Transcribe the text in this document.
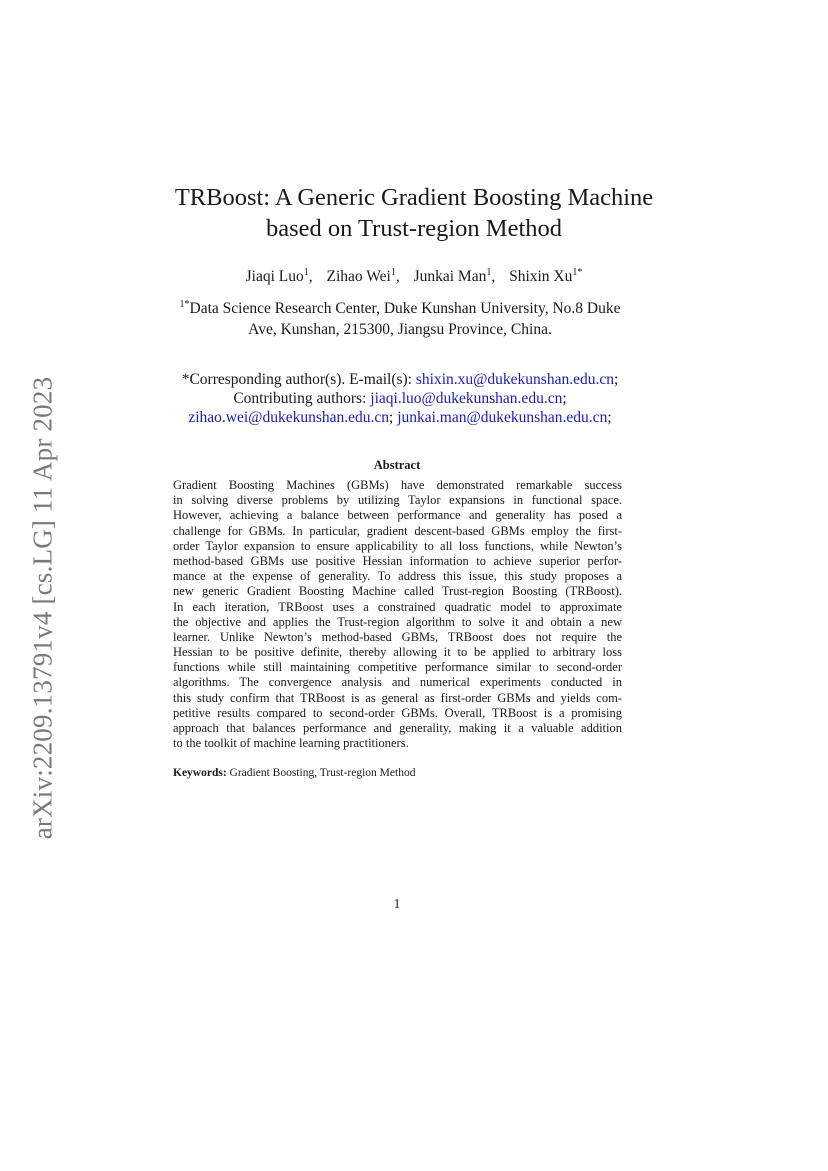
arXiv:2209.13791v4 [cs.LG] 11 Apr 2023
TRBoost: A Generic Gradient Boosting Machine
based on Trust-region Method
Jiaqi Luo$^1$, Zihao Wei$^1$, Junkai Man$^1$, Shixin $Xu^{1*}$
$^{1*}$Data Science Research Center, Duke Kunshan University, No.8 Duke
Ave, Kunshan, 215300, Jiangsu Province, China.
*Corresponding author(s). E-mail(s): shixin.xu@dukekunshan.edu.cn;
Contributing authors: jiaqi.luo@dukekunshan.edu.cn;
zihao.wei@dukekunshan.edu.cn; junkai.man@dukekunshan.edu.cn;
Abstract
Gradient Boosting Machines (GBMs) have demonstrated remarkable success
in solving diverse problems by utilizing Taylor expansions in functional space.
However, achieving a balance between performance and generality has posed a
challenge for GBMs. In particular, gradient descent-based GBMs employ the first-
order Taylor expansion to ensure applicability to all loss functions, while Newton’s
method-based GBMs use positive Hessian information to achieve superior perfor-
mance at the expense of generality. To address this issue, this study proposes a
new generic Gradient Boosting Machine called Trust-region Boosting (TRBoost).
In each iteration, TRBoost uses a constrained quadratic model to approximate
the objective and applies the Trust-region algorithm to solve it and obtain a new
learner. Unlike Newton’s method-based GBMs, TRBoost does not require the
Hessian to be positive definite, thereby allowing it to be applied to arbitrary loss
functions while still maintaining competitive performance similar to second-order
algorithms. The convergence analysis and numerical experiments conducted in
this study confirm that TRBoost is as general as first-order GBMs and yields com-
petitive results compared to second-order GBMs. Overall, TRBoost is a promising
approach that balances performance and generality, making it a valuable addition
to the toolkit of machine learning practitioners.
Keywords: Gradient Boosting, Trust-region Method
1
